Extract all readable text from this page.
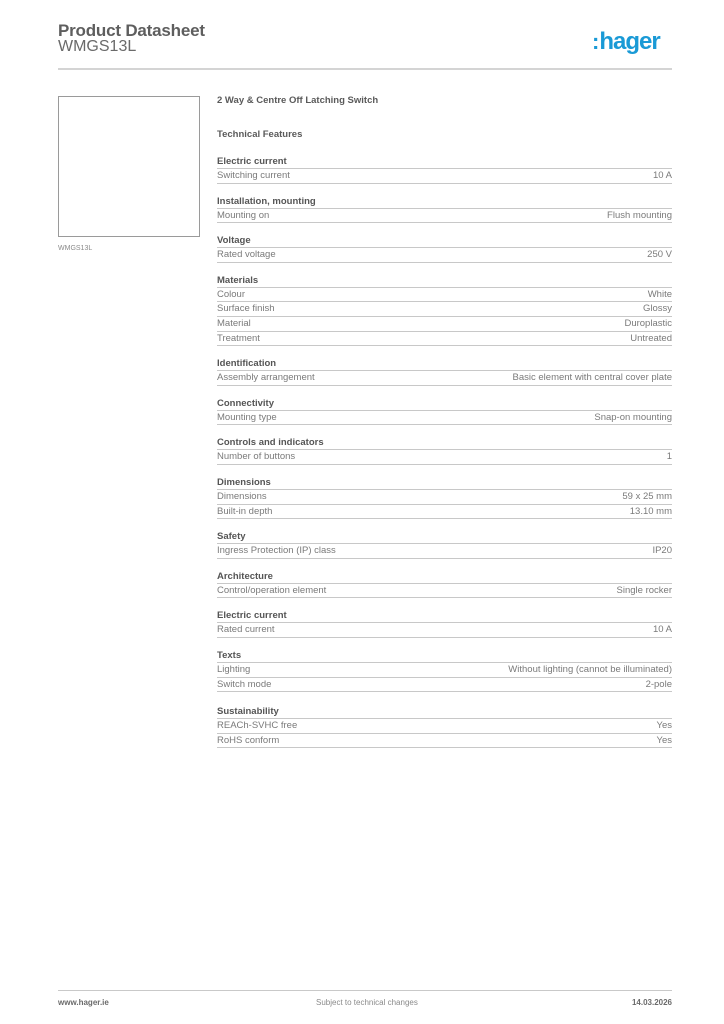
Product Datasheet
WMGS13L	:hager
WMGS13L
2 Way & Centre Off Latching Switch
Technical Features
Electric current
Switching current	10 A
Installation, mounting
Mounting on	Flush mounting
Voltage
Rated voltage	250 V
Materials
Colour	White
Surface finish	Glossy
Material	Duroplastic
Treatment	Untreated
Identification
Assembly arrangement	Basic element with central cover plate
Connectivity
Mounting type	Snap-on mounting
Controls and indicators
Number of buttons	1
Dimensions
Dimensions	59 x 25 mm
Built-in depth	13.10 mm
Safety
Ingress Protection (IP) class	IP20
Architecture
Control/operation element	Single rocker
Electric current
Rated current	10 A
Texts
Lighting	Without lighting (cannot be illuminated)
Switch mode	2-pole
Sustainability
REACh-SVHC free	Yes
RoHS conform	Yes
www.hager.ie	Subject to technical changes	14.03.2026
